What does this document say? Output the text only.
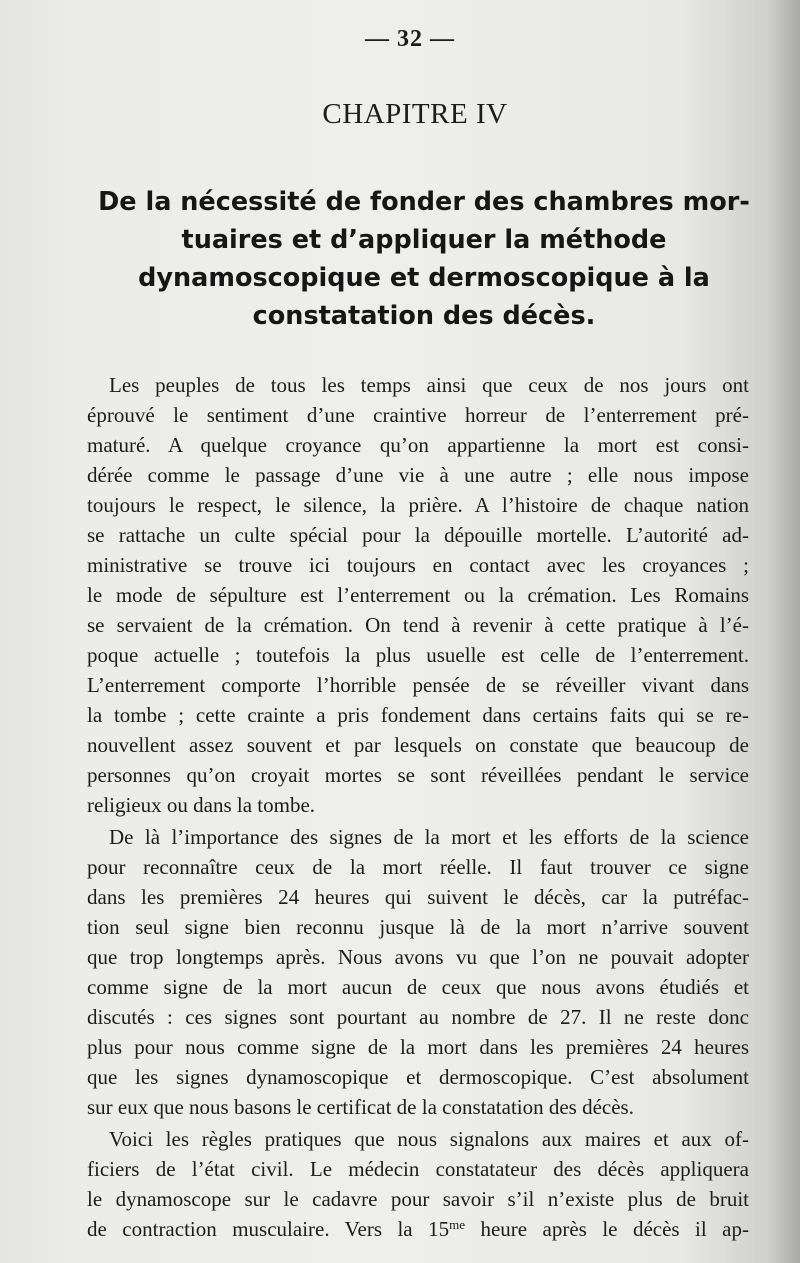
— 32 —
CHAPITRE IV
De la nécessité de fonder des chambres mor-
tuaires et d’appliquer la méthode
dynamoscopique et dermoscopique à la
constatation des décès.
Les peuples de tous les temps ainsi que ceux de nos jours ont
éprouvé le sentiment d’une craintive horreur de l’enterrement pré-
maturé. A quelque croyance qu’on appartienne la mort est consi-
dérée comme le passage d’une vie à une autre ; elle nous impose
toujours le respect, le silence, la prière. A l’histoire de chaque nation
se rattache un culte spécial pour la dépouille mortelle. L’autorité ad-
ministrative se trouve ici toujours en contact avec les croyances ;
le mode de sépulture est l’enterrement ou la crémation. Les Romains
se servaient de la crémation. On tend à revenir à cette pratique à l’é-
poque actuelle ; toutefois la plus usuelle est celle de l’enterrement.
L’enterrement comporte l’horrible pensée de se réveiller vivant dans
la tombe ; cette crainte a pris fondement dans certains faits qui se re-
nouvellent assez souvent et par lesquels on constate que beaucoup de
personnes qu’on croyait mortes se sont réveillées pendant le service
religieux ou dans la tombe.
De là l’importance des signes de la mort et les efforts de la science
pour reconnaître ceux de la mort réelle. Il faut trouver ce signe
dans les premières 24 heures qui suivent le décès, car la putréfac-
tion seul signe bien reconnu jusque là de la mort n’arrive souvent
que trop longtemps après. Nous avons vu que l’on ne pouvait adopter
comme signe de la mort aucun de ceux que nous avons étudiés et
discutés : ces signes sont pourtant au nombre de 27. Il ne reste donc
plus pour nous comme signe de la mort dans les premières 24 heures
que les signes dynamoscopique et dermoscopique. C’est absolument
sur eux que nous basons le certificat de la constatation des décès.
Voici les règles pratiques que nous signalons aux maires et aux of-
ficiers de l’état civil. Le médecin constatateur des décès appliquera
le dynamoscope sur le cadavre pour savoir s’il n’existe plus de bruit
de contraction musculaire. Vers la $15^{me}$ heure après le décès il ap-
